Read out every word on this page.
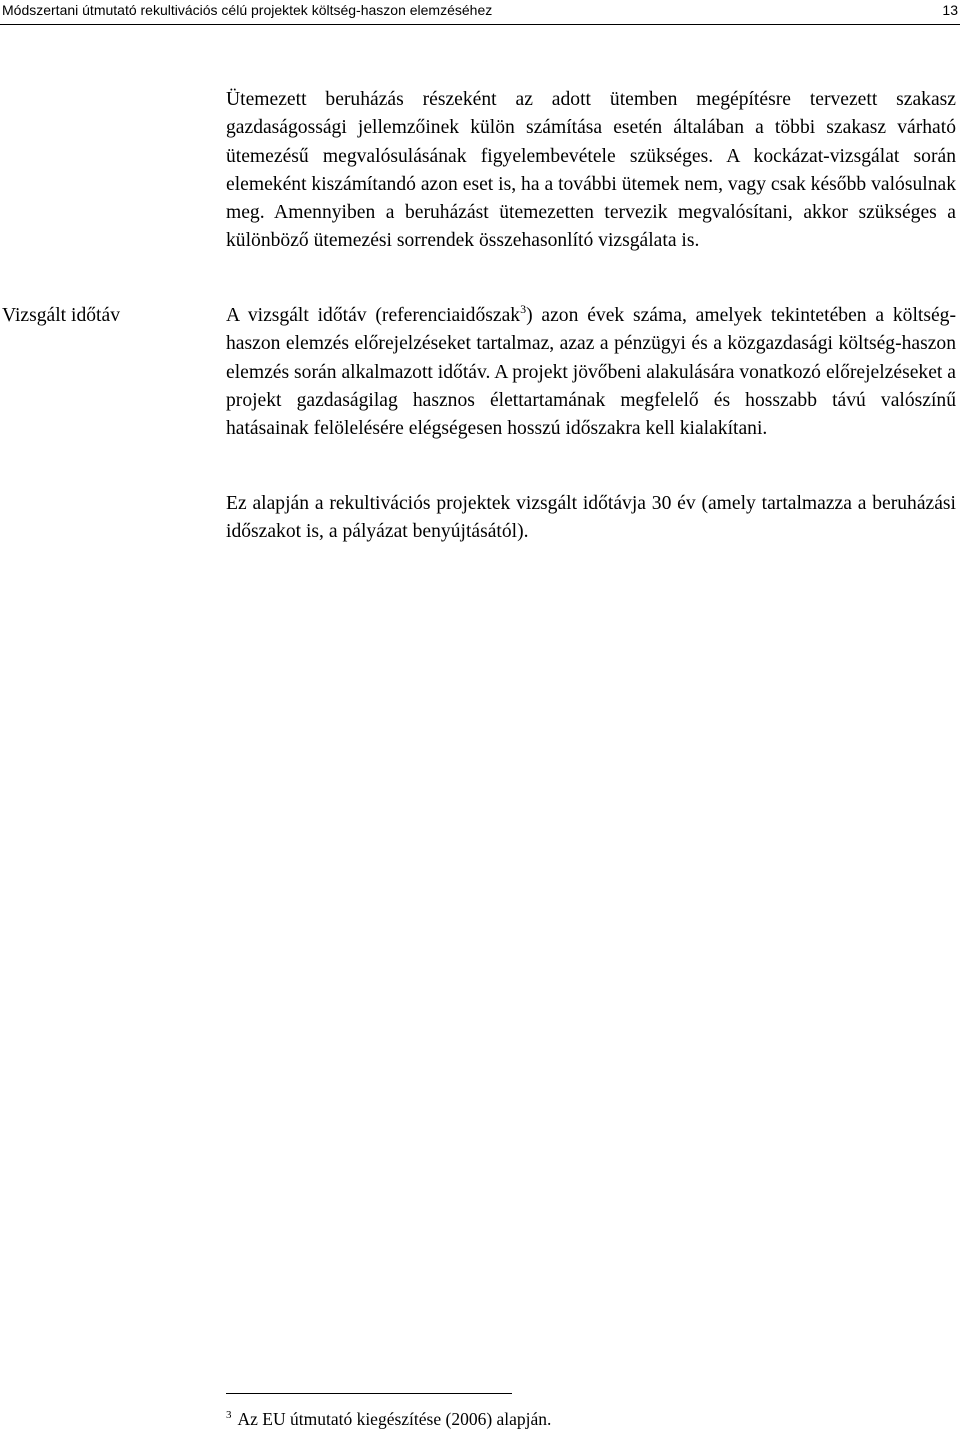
Módszertani útmutató rekultivációs célú projektek költség-haszon elemzéséhez	13

Ütemezett beruházás részeként az adott ütemben megépítésre tervezett szakasz gazdaságossági jellemzőinek külön számítása esetén általában a többi szakasz várható ütemezésű megvalósulásának figyelembevétele szükséges. A kockázat-vizsgálat során elemeként kiszámítandó azon eset is, ha a további ütemek nem, vagy csak később valósulnak meg. Amennyiben a beruházást ütemezetten tervezik megvalósítani, akkor szükséges a különböző ütemezési sorrendek összehasonlító vizsgálata is.

Vizsgált időtáv	A vizsgált időtáv (referenciaidőszak$^3$) azon évek száma, amelyek tekintetében a költség-haszon elemzés előrejelzéseket tartalmaz, azaz a pénzügyi és a közgazdasági költség-haszon elemzés során alkalmazott időtáv. A projekt jövőbeni alakulására vonatkozó előrejelzéseket a projekt gazdaságilag hasznos élettartamának megfelelő és hosszabb távú valószínű hatásainak felölelésére elégségesen hosszú időszakra kell kialakítani.

Ez alapján a rekultivációs projektek vizsgált időtávja 30 év (amely tartalmazza a beruházási időszakot is, a pályázat benyújtásától).

$^3$ Az EU útmutató kiegészítése (2006) alapján.
